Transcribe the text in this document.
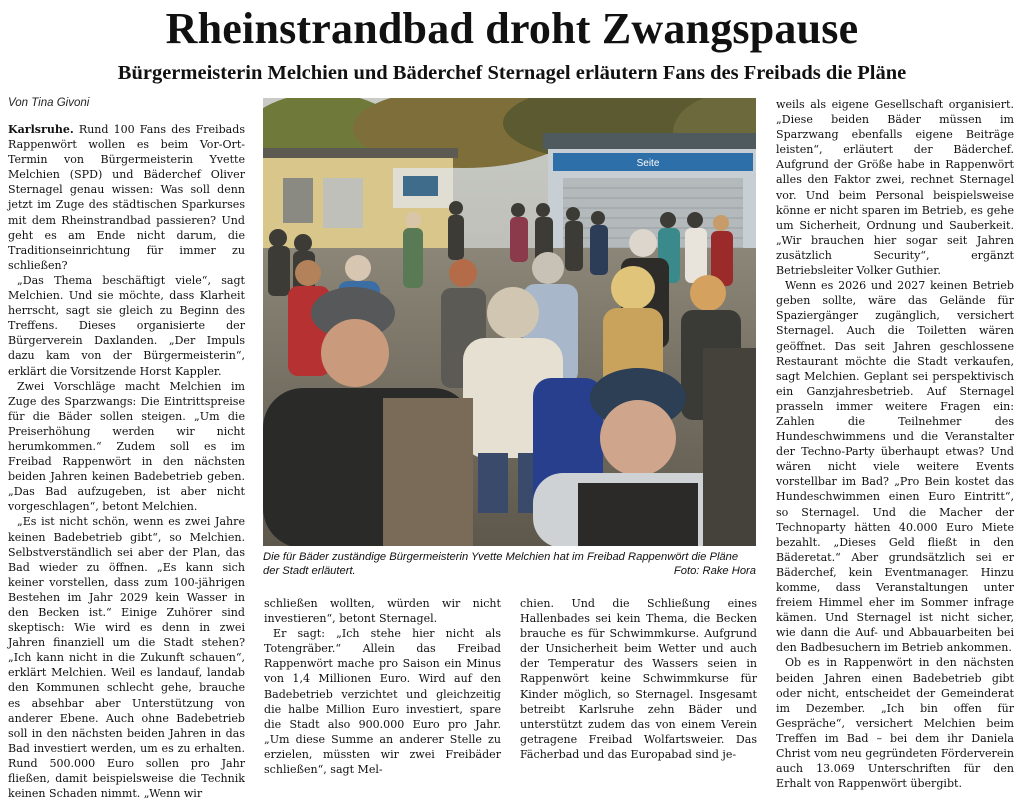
Rheinstrandbad droht Zwangspause
Bürgermeisterin Melchien und Bäderchef Sternagel erläutern Fans des Freibads die Pläne
Von Tina Givoni

Karlsruhe. Rund 100 Fans des Freibads Rappenwört wollen es beim Vor-Ort-Termin von Bürgermeisterin Yvette Melchien (SPD) und Bäderchef Oliver Sternagel genau wissen: Was soll denn jetzt im Zuge des städtischen Sparkurses mit dem Rheinstrandbad passieren? Und geht es am Ende nicht darum, die Traditionseinrichtung für immer zu schließen?

„Das Thema beschäftigt viele“, sagt Melchien. Und sie möchte, dass Klarheit herrscht, sagt sie gleich zu Beginn des Treffens. Dieses organisierte der Bürgerverein Daxlanden. „Der Impuls dazu kam von der Bürgermeisterin“, erklärt die Vorsitzende Horst Kappler.

Zwei Vorschläge macht Melchien im Zuge des Sparzwangs: Die Eintrittspreise für die Bäder sollen steigen. „Um die Preiserhöhung werden wir nicht herumkommen.“ Zudem soll es im Freibad Rappenwört in den nächsten beiden Jahren keinen Badebetrieb geben. „Das Bad aufzugeben, ist aber nicht vorgeschlagen“, betont Melchien.

„Es ist nicht schön, wenn es zwei Jahre keinen Badebetrieb gibt“, so Melchien. Selbstverständlich sei aber der Plan, das Bad wieder zu öffnen. „Es kann sich keiner vorstellen, dass zum 100-jährigen Bestehen im Jahr 2029 kein Wasser in den Becken ist.“ Einige Zuhörer sind skeptisch: Wie wird es denn in zwei Jahren finanziell um die Stadt stehen? „Ich kann nicht in die Zukunft schauen“, erklärt Melchien. Weil es landauf, landab den Kommunen schlecht gehe, brauche es absehbar aber Unterstützung von anderer Ebene. Auch ohne Badebetrieb soll in den nächsten beiden Jahren in das Bad investiert werden, um es zu erhalten. Rund 500.000 Euro sollen pro Jahr fließen, damit beispielsweise die Technik keinen Schaden nimmt. „Wenn wir

Seite
Die für Bäder zuständige Bürgermeisterin Yvette Melchien hat im Freibad Rappenwört die Pläne der Stadt erläutert.	Foto: Rake Hora

schließen wollten, würden wir nicht investieren“, betont Sternagel.

Er sagt: „Ich stehe hier nicht als Totengräber.“ Allein das Freibad Rappenwört mache pro Saison ein Minus von 1,4 Millionen Euro. Wird auf den Badebetrieb verzichtet und gleichzeitig die halbe Million Euro investiert, spare die Stadt also 900.000 Euro pro Jahr. „Um diese Summe an anderer Stelle zu erzielen, müssten wir zwei Freibäder schließen“, sagt Mel-

chien. Und die Schließung eines Hallenbades sei kein Thema, die Becken brauche es für Schwimmkurse. Aufgrund der Unsicherheit beim Wetter und auch der Temperatur des Wassers seien in Rappenwört keine Schwimmkurse für Kinder möglich, so Sternagel. Insgesamt betreibt Karlsruhe zehn Bäder und unterstützt zudem das von einem Verein getragene Freibad Wolfartsweier. Das Fächerbad und das Europabad sind je-

weils als eigene Gesellschaft organisiert. „Diese beiden Bäder müssen im Sparzwang ebenfalls eigene Beiträge leisten“, erläutert der Bäderchef. Aufgrund der Größe habe in Rappenwört alles den Faktor zwei, rechnet Sternagel vor. Und beim Personal beispielsweise könne er nicht sparen im Betrieb, es gehe um Sicherheit, Ordnung und Sauberkeit. „Wir brauchen hier sogar seit Jahren zusätzlich Security“, ergänzt Betriebsleiter Volker Guthier.

Wenn es 2026 und 2027 keinen Betrieb geben sollte, wäre das Gelände für Spaziergänger zugänglich, versichert Sternagel. Auch die Toiletten wären geöffnet. Das seit Jahren geschlossene Restaurant möchte die Stadt verkaufen, sagt Melchien. Geplant sei perspektivisch ein Ganzjahresbetrieb. Auf Sternagel prasseln immer weitere Fragen ein: Zahlen die Teilnehmer des Hundeschwimmens und die Veranstalter der Techno-Party überhaupt etwas? Und wären nicht viele weitere Events vorstellbar im Bad? „Pro Bein kostet das Hundeschwimmen einen Euro Eintritt“, so Sternagel. Und die Macher der Technoparty hätten 40.000 Euro Miete bezahlt. „Dieses Geld fließt in den Bäderetat.“ Aber grundsätzlich sei er Bäderchef, kein Eventmanager. Hinzu komme, dass Veranstaltungen unter freiem Himmel eher im Sommer infrage kämen. Und Sternagel ist nicht sicher, wie dann die Auf- und Abbauarbeiten bei den Badbesuchern im Betrieb ankommen.

Ob es in Rappenwört in den nächsten beiden Jahren einen Badebetrieb gibt oder nicht, entscheidet der Gemeinderat im Dezember. „Ich bin offen für Gespräche“, versichert Melchien beim Treffen im Bad – bei dem ihr Daniela Christ vom neu gegründeten Förderverein auch 13.069 Unterschriften für den Erhalt von Rappenwört übergibt.
